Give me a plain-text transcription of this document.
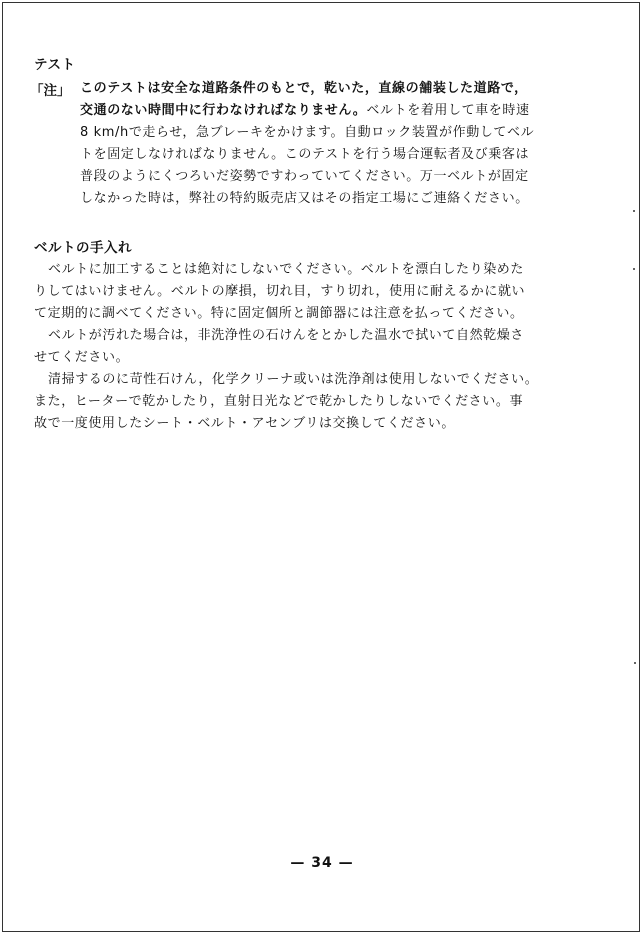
テスト
「注」 このテストは安全な道路条件のもとで，乾いた，直線の舗装した道路で，
交通のない時間中に行わなければなりません。ベルトを着用して車を時速
8 km/hで走らせ，急ブレーキをかけます。自動ロック装置が作動してベル
トを固定しなければなりません。このテストを行う場合運転者及び乗客は
普段のようにくつろいだ姿勢ですわっていてください。万一ベルトが固定
しなかった時は，弊社の特約販売店又はその指定工場にご連絡ください。
ベルトの手入れ
ベルトに加工することは絶対にしないでください。ベルトを漂白したり染めた
りしてはいけません。ベルトの摩損，切れ目，すり切れ，使用に耐えるかに就い
て定期的に調べてください。特に固定個所と調節器には注意を払ってください。
ベルトが汚れた場合は，非洗浄性の石けんをとかした温水で拭いて自然乾燥さ
せてください。
清掃するのに苛性石けん，化学クリーナ或いは洗浄剤は使用しないでください。
また，ヒーターで乾かしたり，直射日光などで乾かしたりしないでください。事
故で一度使用したシート・ベルト・アセンブリは交換してください。
— 34 —
